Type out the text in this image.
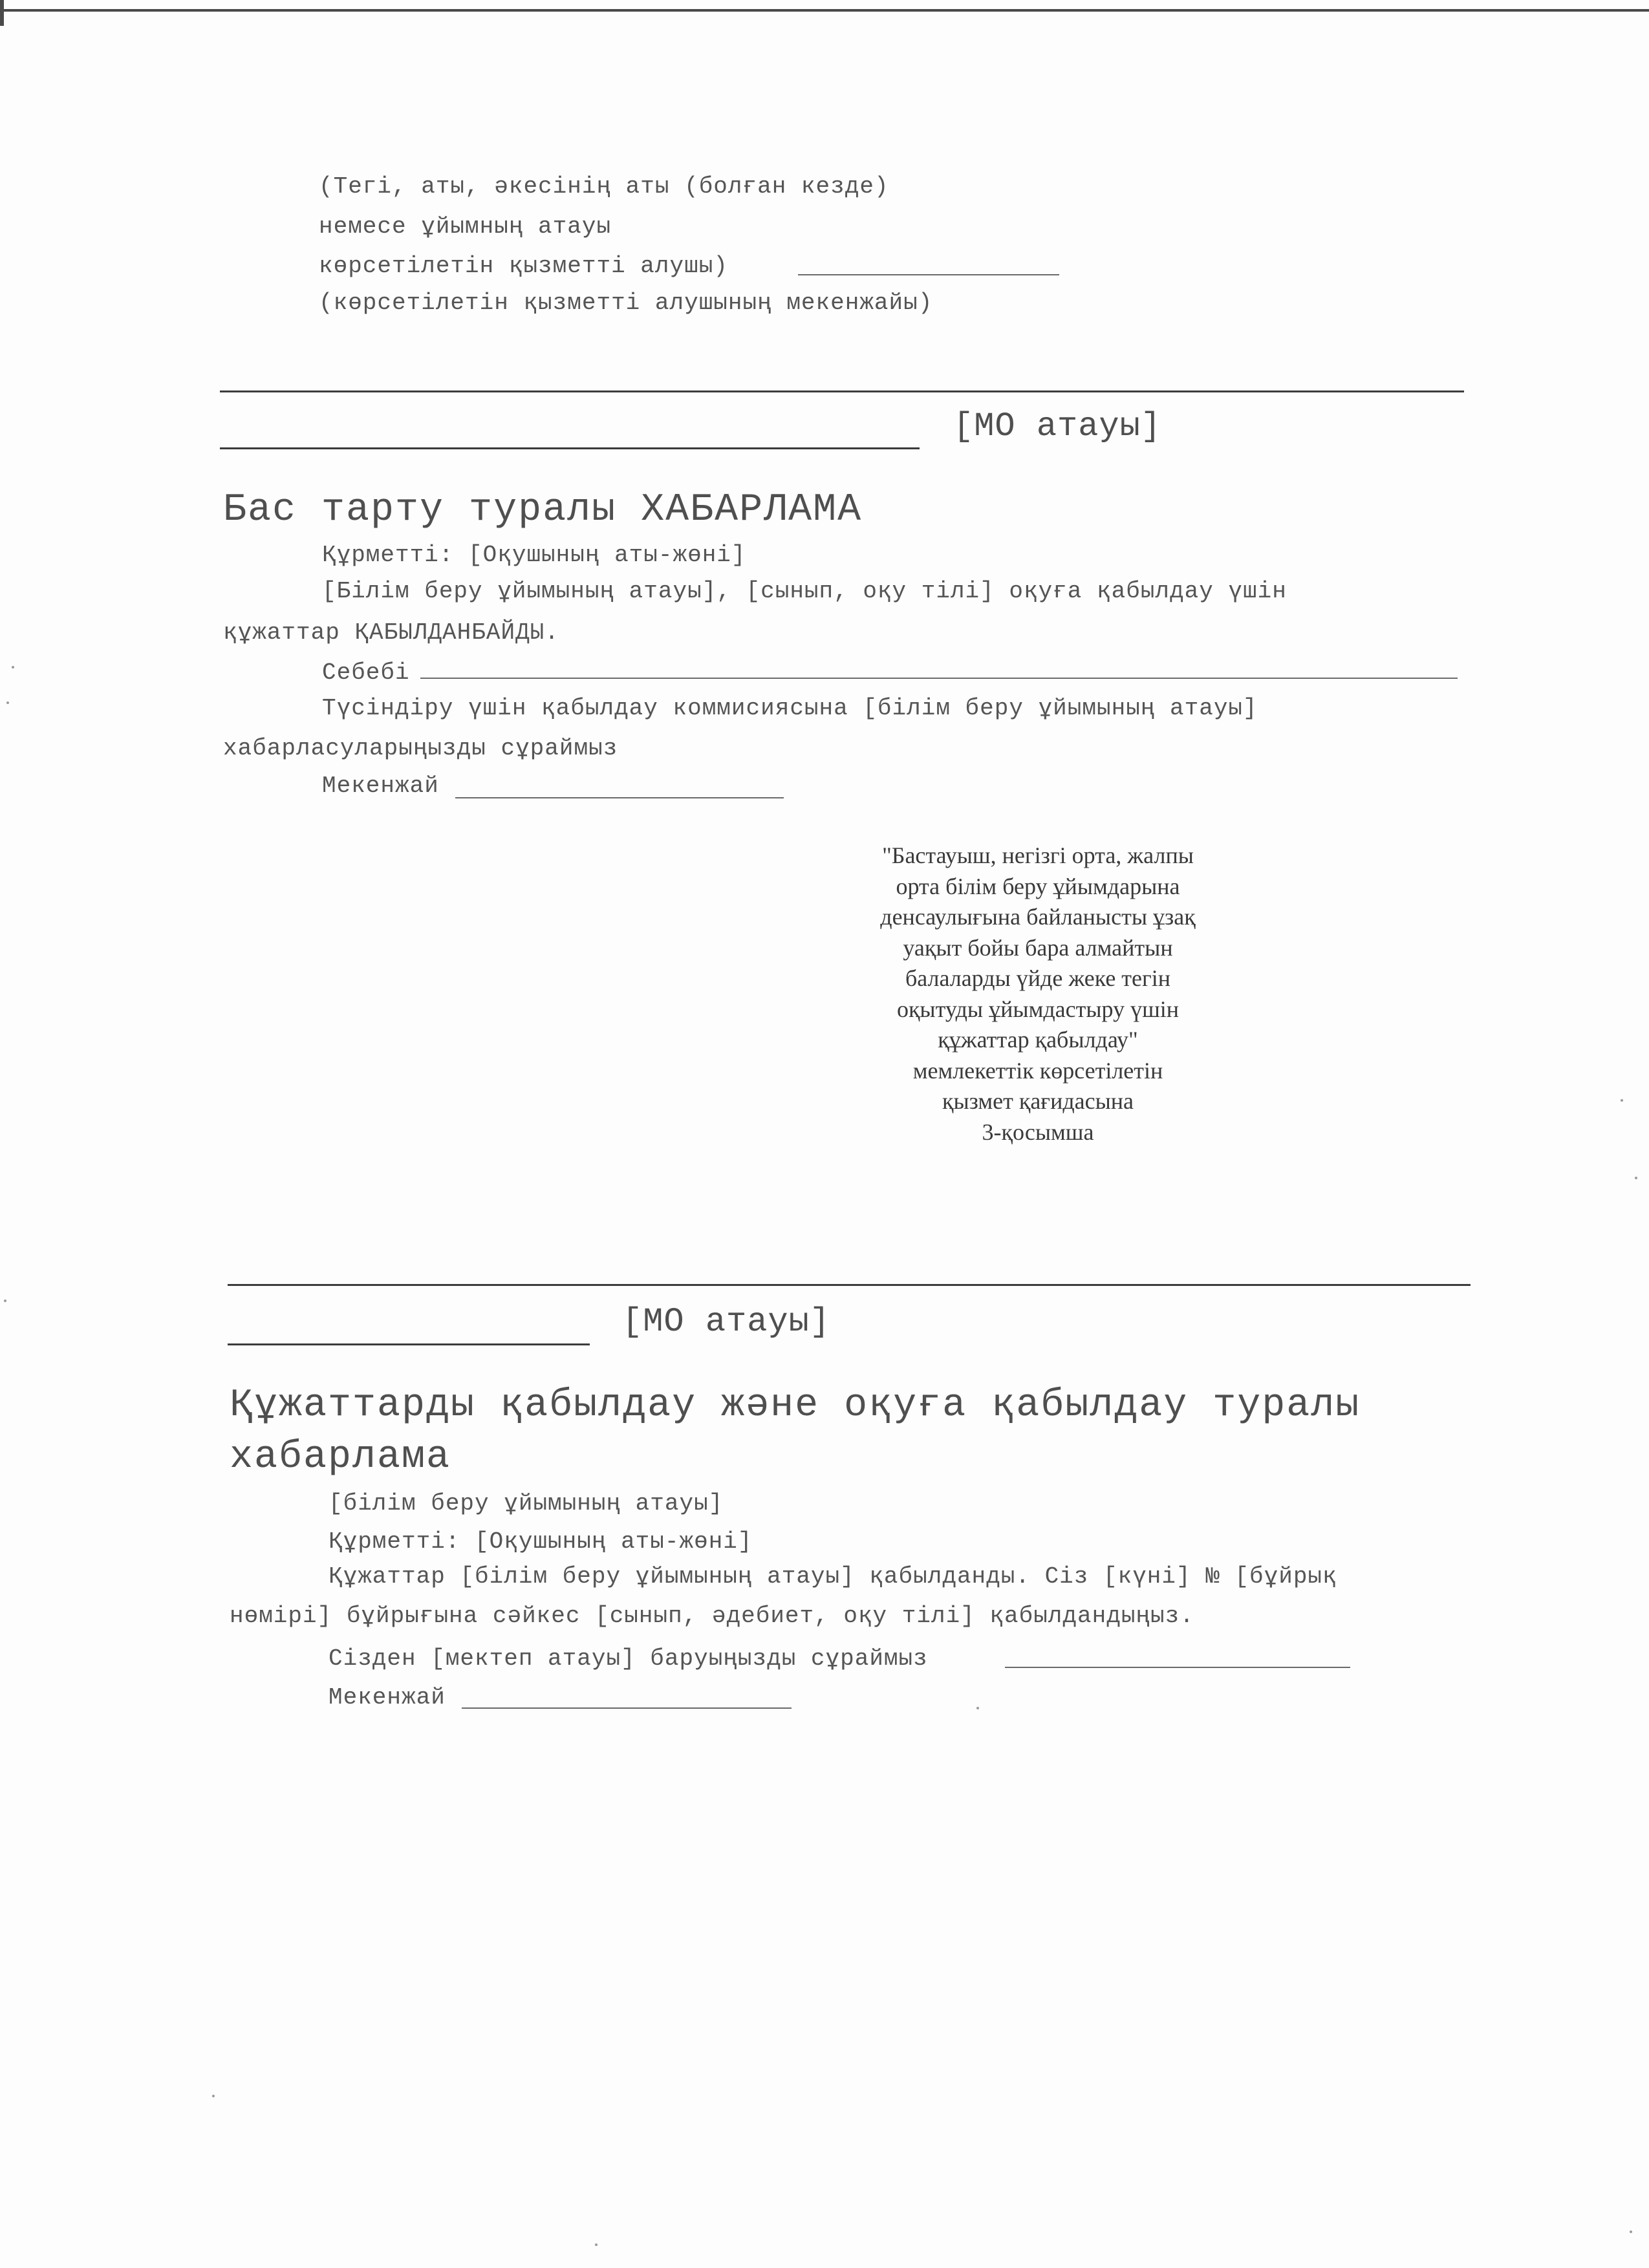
(Тегі, аты, әкесінің аты (болған кезде)
немесе ұйымның атауы
көрсетілетін қызметті алушы)
(көрсетілетін қызметті алушының мекенжайы)
[МО атауы]
Бас тарту туралы ХАБАРЛАМА
Құрметті: [Оқушының аты-жөні]
[Білім беру ұйымының атауы], [сынып, оқу тілі] оқуға қабылдау үшін
құжаттар ҚАБЫЛДАНБАЙДЫ.
Себебі
Түсіндіру үшін қабылдау коммисиясына [білім беру ұйымының атауы]
хабарласуларыңызды сұраймыз
Мекенжай
"Бастауыш, негізгі орта, жалпы
орта білім беру ұйымдарына
денсаулығына байланысты ұзақ
уақыт бойы бара алмайтын
балаларды үйде жеке тегін
оқытуды ұйымдастыру үшін
құжаттар қабылдау"
мемлекеттік көрсетілетін
қызмет қағидасына
3-қосымша
[МО атауы]
Құжаттарды қабылдау және оқуға қабылдау туралы
хабарлама
[білім беру ұйымының атауы]
Құрметті: [Оқушының аты-жөні]
Құжаттар [білім беру ұйымының атауы] қабылданды. Сіз [күні] № [бұйрық
нөмірі] бұйрығына сәйкес [сынып, әдебиет, оқу тілі] қабылдандыңыз.
Сізден [мектеп атауы] баруыңызды сұраймыз
Мекенжай
